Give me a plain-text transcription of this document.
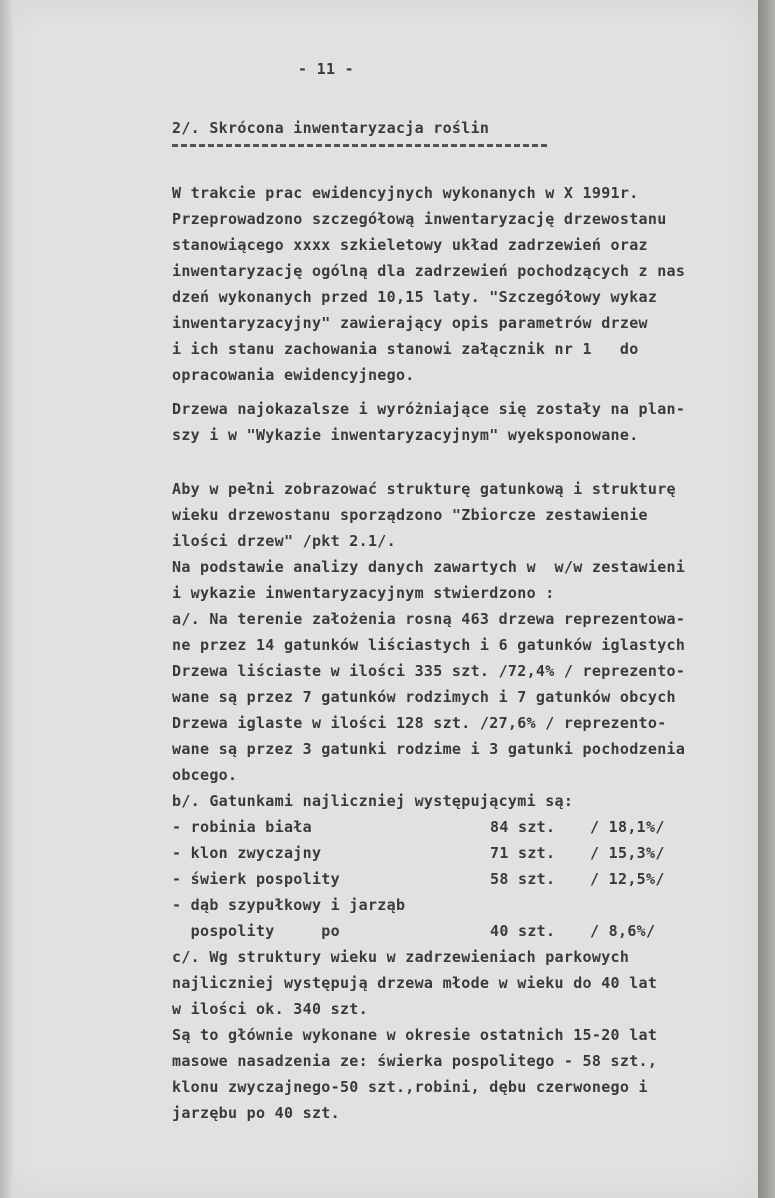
- 11 -
2/. Skrócona inwentaryzacja roślin
W trakcie prac ewidencyjnych wykonanych w X 1991r.
Przeprowadzono szczegółową inwentaryzację drzewostanu
stanowiącego xxxx szkieletowy układ zadrzewień oraz
inwentaryzację ogólną dla zadrzewień pochodzących z nas
dzeń wykonanych przed 10,15 laty. "Szczegółowy wykaz
inwentaryzacyjny" zawierający opis parametrów drzew
i ich stanu zachowania stanowi załącznik nr 1   do
opracowania ewidencyjnego.
Drzewa najokazalsze i wyróżniające się zostały na plan-
szy i w "Wykazie inwentaryzacyjnym" wyeksponowane.
Aby w pełni zobrazować strukturę gatunkową i strukturę
wieku drzewostanu sporządzono "Zbiorcze zestawienie
ilości drzew" /pkt 2.1/.
Na podstawie analizy danych zawartych w  w/w zestawieni
i wykazie inwentaryzacyjnym stwierdzono :
a/. Na terenie założenia rosną 463 drzewa reprezentowa-
ne przez 14 gatunków liściastych i 6 gatunków iglastych
Drzewa liściaste w ilości 335 szt. /72,4% / reprezento-
wane są przez 7 gatunków rodzimych i 7 gatunków obcych
Drzewa iglaste w ilości 128 szt. /27,6% / reprezento-
wane są przez 3 gatunki rodzime i 3 gatunki pochodzenia
obcego.
b/. Gatunkami najliczniej występującymi są:
- robinia biała	84 szt. / 18,1%/
- klon zwyczajny	71 szt. / 15,3%/
- świerk pospolity	58 szt. / 12,5%/
- dąb szypułkowy i jarząb
pospolity     po	40 szt. / 8,6%/
c/. Wg struktury wieku w zadrzewieniach parkowych
najliczniej występują drzewa młode w wieku do 40 lat
w ilości ok. 340 szt.
Są to głównie wykonane w okresie ostatnich 15-20 lat
masowe nasadzenia ze: świerka pospolitego - 58 szt.,
klonu zwyczajnego-50 szt.,robini, dębu czerwonego i
jarzębu po 40 szt.
